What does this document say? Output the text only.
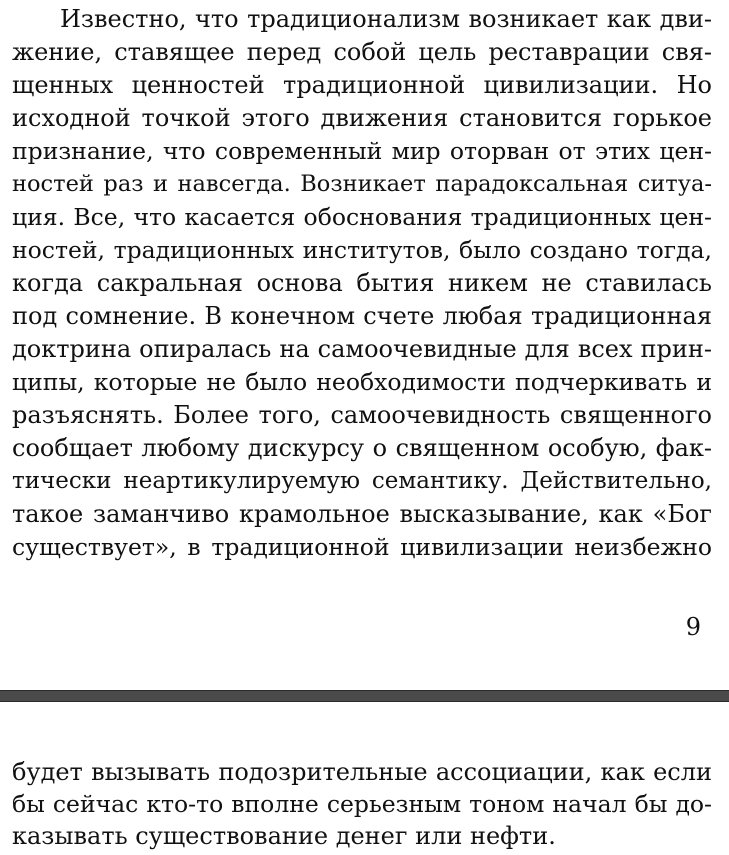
Известно, что традиционализм возникает как дви-
жение, ставящее перед собой цель реставрации свя-
щенных ценностей традиционной цивилизации. Но
исходной точкой этого движения становится горькое
признание, что современный мир оторван от этих цен-
ностей раз и навсегда. Возникает парадоксальная ситуа-
ция. Все, что касается обоснования традиционных цен-
ностей, традиционных институтов, было создано тогда,
когда сакральная основа бытия никем не ставилась
под сомнение. В конечном счете любая традиционная
доктрина опиралась на самоочевидные для всех прин-
ципы, которые не было необходимости подчеркивать и
разъяснять. Более того, самоочевидность священного
сообщает любому дискурсу о священном особую, фак-
тически неартикулируемую семантику. Действительно,
такое заманчиво крамольное высказывание, как «Бог
существует», в традиционной цивилизации неизбежно
9
будет вызывать подозрительные ассоциации, как если
бы сейчас кто-то вполне серьезным тоном начал бы до-
казывать существование денег или нефти.
